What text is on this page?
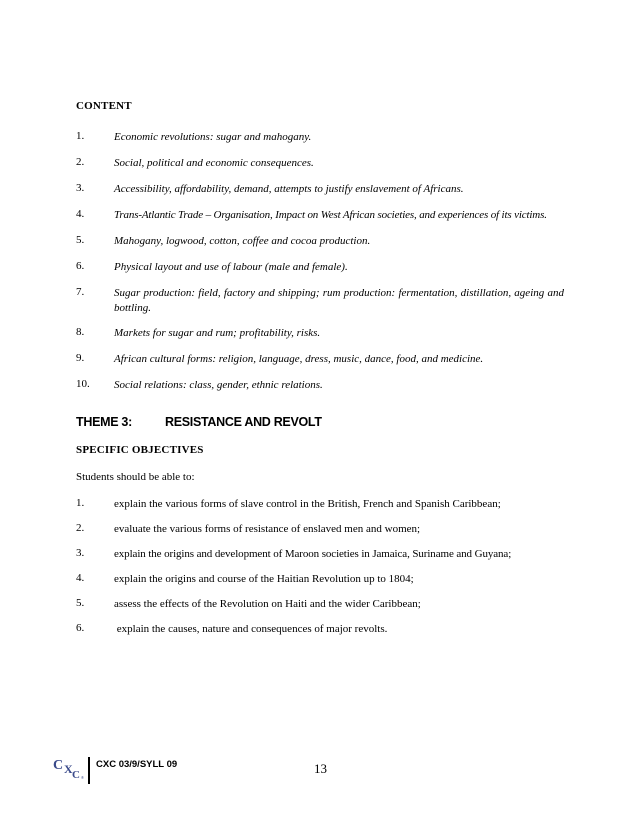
CONTENT
1.	Economic revolutions: sugar and mahogany.
2.	Social, political and economic consequences.
3.	Accessibility, affordability, demand, attempts to justify enslavement of Africans.
4.	Trans-Atlantic Trade – Organisation, Impact on West African societies, and experiences of its victims.
5.	Mahogany, logwood, cotton, coffee and cocoa production.
6.	Physical layout and use of labour (male and female).
7.	Sugar production: field, factory and shipping; rum production: fermentation, distillation, ageing and bottling.
8.	Markets for sugar and rum; profitability, risks.
9.	African cultural forms: religion, language, dress, music, dance, food, and medicine.
10. Social relations: class, gender, ethnic relations.
THEME 3:	RESISTANCE AND REVOLT
SPECIFIC OBJECTIVES
Students should be able to:
1.	explain the various forms of slave control in the British, French and Spanish Caribbean;
2.	evaluate the various forms of resistance of enslaved men and women;
3.	explain the origins and development of Maroon societies in Jamaica, Suriname and Guyana;
4.	explain the origins and course of the Haitian Revolution up to 1804;
5.	assess the effects of the Revolution on Haiti and the wider Caribbean;
6.	explain the causes, nature and consequences of major revolts.
C X C ®
CXC 03/9/SYLL 09	13
